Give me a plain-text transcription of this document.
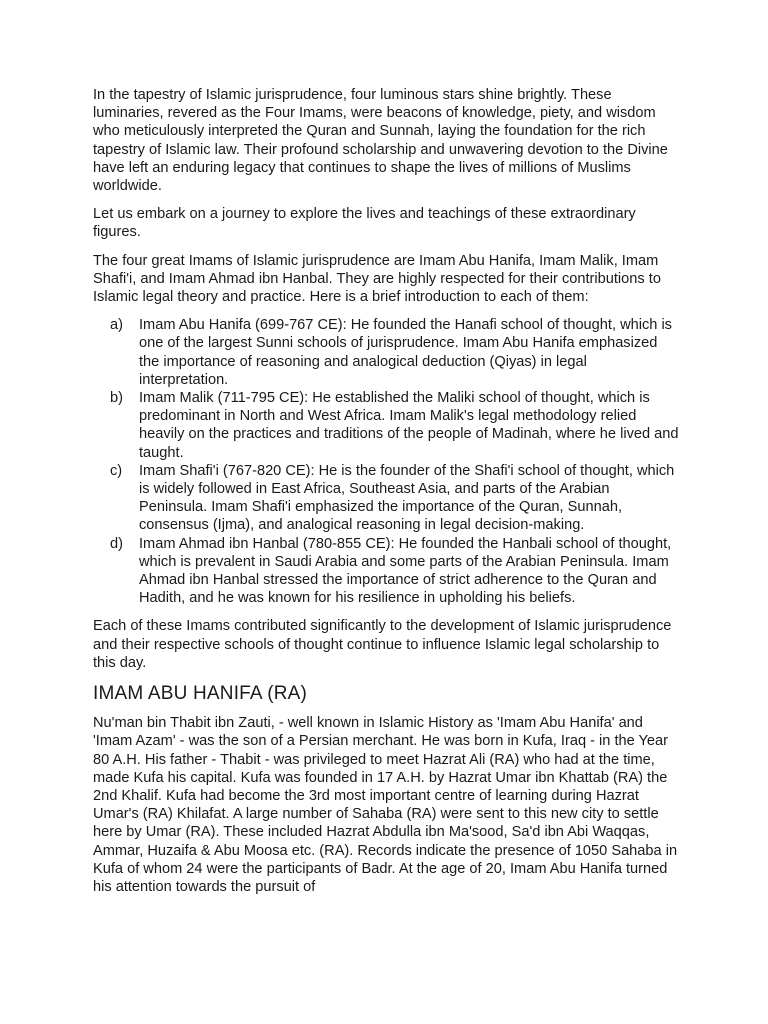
In the tapestry of Islamic jurisprudence, four luminous stars shine brightly. These luminaries, revered as the Four Imams, were beacons of knowledge, piety, and wisdom who meticulously interpreted the Quran and Sunnah, laying the foundation for the rich tapestry of Islamic law. Their profound scholarship and unwavering devotion to the Divine have left an enduring legacy that continues to shape the lives of millions of Muslims worldwide.

Let us embark on a journey to explore the lives and teachings of these extraordinary figures.

The four great Imams of Islamic jurisprudence are Imam Abu Hanifa, Imam Malik, Imam Shafi'i, and Imam Ahmad ibn Hanbal. They are highly respected for their contributions to Islamic legal theory and practice. Here is a brief introduction to each of them:

a) Imam Abu Hanifa (699-767 CE): He founded the Hanafi school of thought, which is one of the largest Sunni schools of jurisprudence. Imam Abu Hanifa emphasized the importance of reasoning and analogical deduction (Qiyas) in legal interpretation.
b) Imam Malik (711-795 CE): He established the Maliki school of thought, which is predominant in North and West Africa. Imam Malik's legal methodology relied heavily on the practices and traditions of the people of Madinah, where he lived and taught.
c) Imam Shafi'i (767-820 CE): He is the founder of the Shafi'i school of thought, which is widely followed in East Africa, Southeast Asia, and parts of the Arabian Peninsula. Imam Shafi'i emphasized the importance of the Quran, Sunnah, consensus (Ijma), and analogical reasoning in legal decision-making.
d) Imam Ahmad ibn Hanbal (780-855 CE): He founded the Hanbali school of thought, which is prevalent in Saudi Arabia and some parts of the Arabian Peninsula. Imam Ahmad ibn Hanbal stressed the importance of strict adherence to the Quran and Hadith, and he was known for his resilience in upholding his beliefs.

Each of these Imams contributed significantly to the development of Islamic jurisprudence and their respective schools of thought continue to influence Islamic legal scholarship to this day.

IMAM ABU HANIFA (RA)

Nu'man bin Thabit ibn Zauti, - well known in Islamic History as 'Imam Abu Hanifa' and 'Imam Azam' - was the son of a Persian merchant. He was born in Kufa, Iraq - in the Year 80 A.H. His father - Thabit - was privileged to meet Hazrat Ali (RA) who had at the time, made Kufa his capital. Kufa was founded in 17 A.H. by Hazrat Umar ibn Khattab (RA) the 2nd Khalif. Kufa had become the 3rd most important centre of learning during Hazrat Umar's (RA) Khilafat. A large number of Sahaba (RA) were sent to this new city to settle here by Umar (RA). These included Hazrat Abdulla ibn Ma'sood, Sa'd ibn Abi Waqqas, Ammar, Huzaifa & Abu Moosa etc. (RA). Records indicate the presence of 1050 Sahaba in Kufa of whom 24 were the participants of Badr. At the age of 20, Imam Abu Hanifa turned his attention towards the pursuit of
